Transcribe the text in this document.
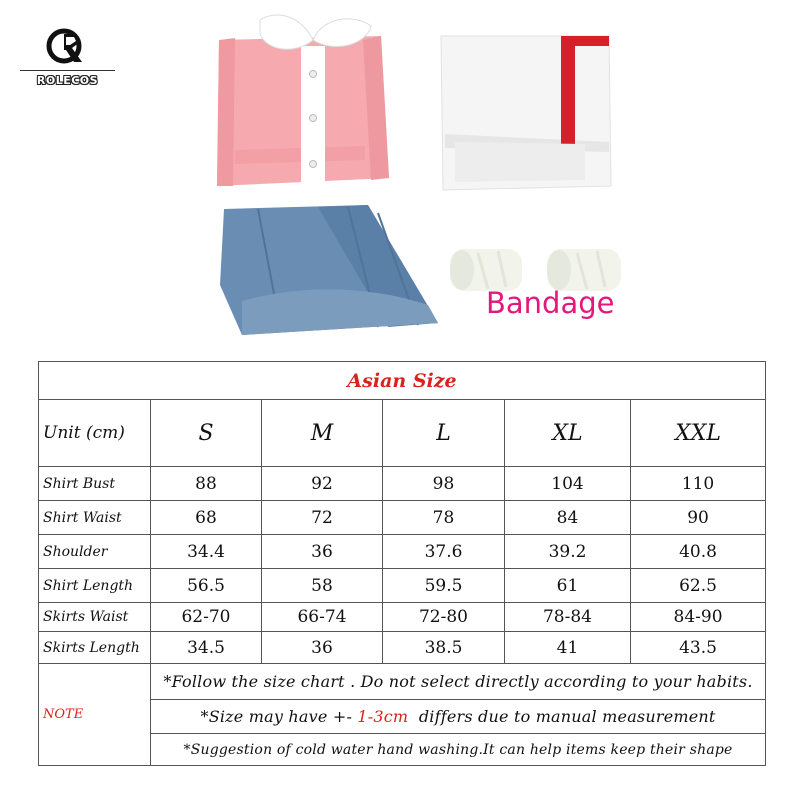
ROLECOS
Bandage
Asian Size					
Unit (cm)	S	M	L	XL	XXL
Shirt Bust	88	92	98	104	110
Shirt Waist	68	72	78	84	90
Shoulder	34.4	36	37.6	39.2	40.8
Shirt Length	56.5	58	59.5	61	62.5
Skirts Waist	62-70	66-74	72-80	78-84	84-90
Skirts Length	34.5	36	38.5	41	43.5
NOTE	*Follow the size chart . Do not select directly according to your habits.				
	*Size may have +- 1-3cm  differs due to manual measurement				
	*Suggestion of cold water hand washing.It can help items keep their shape				
